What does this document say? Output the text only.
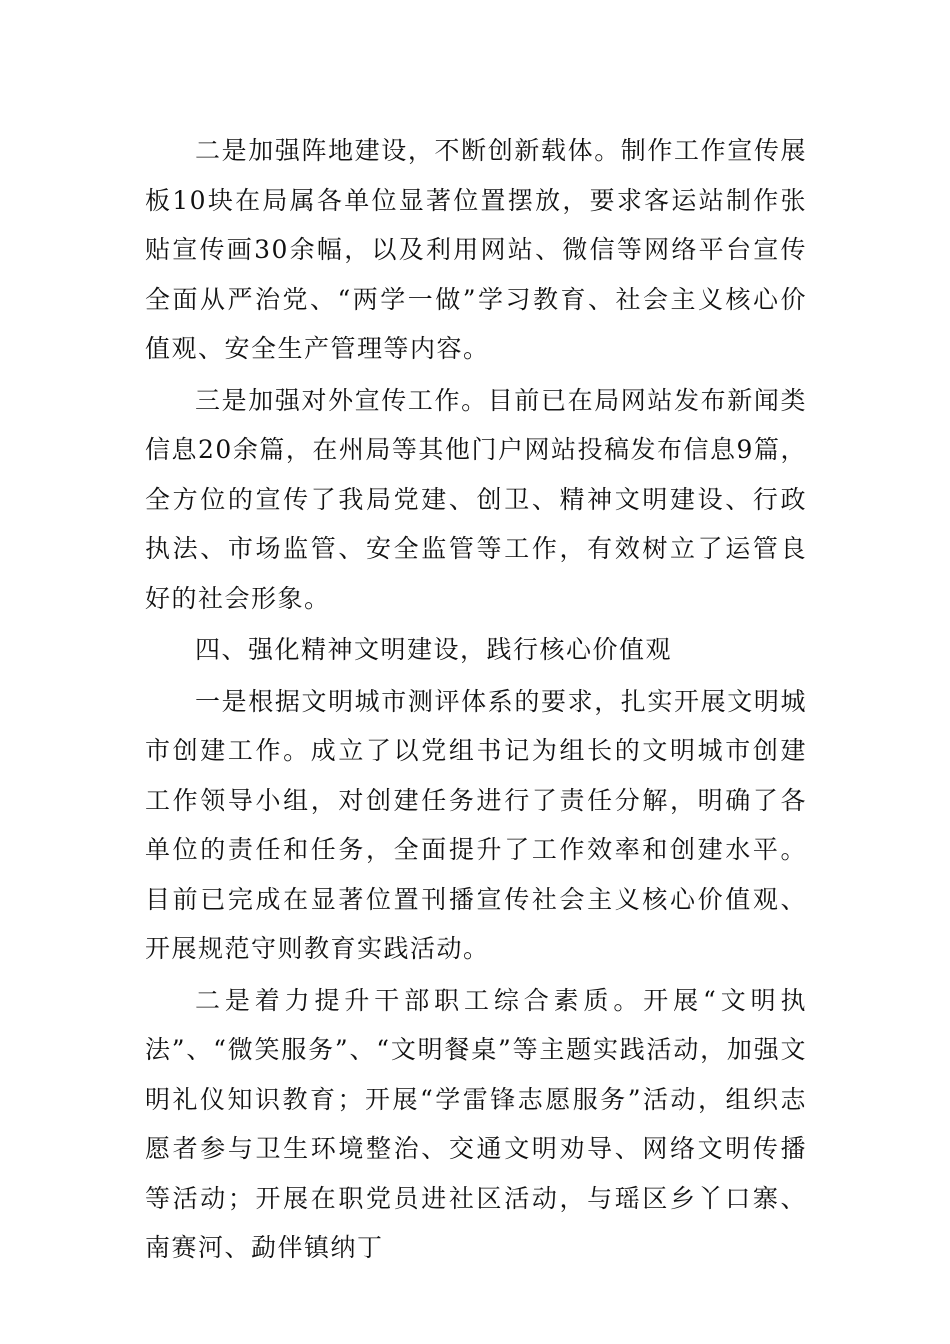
二是加强阵地建设，不断创新载体。制作工作宣传展板10块在局属各单位显著位置摆放，要求客运站制作张贴宣传画30余幅，以及利用网站、微信等网络平台宣传全面从严治党、“两学一做”学习教育、社会主义核心价值观、安全生产管理等内容。

三是加强对外宣传工作。目前已在局网站发布新闻类信息20余篇，在州局等其他门户网站投稿发布信息9篇，全方位的宣传了我局党建、创卫、精神文明建设、行政执法、市场监管、安全监管等工作，有效树立了运管良好的社会形象。

四、强化精神文明建设，践行核心价值观

一是根据文明城市测评体系的要求，扎实开展文明城市创建工作。成立了以党组书记为组长的文明城市创建工作领导小组，对创建任务进行了责任分解，明确了各单位的责任和任务，全面提升了工作效率和创建水平。目前已完成在显著位置刊播宣传社会主义核心价值观、开展规范守则教育实践活动。

二是着力提升干部职工综合素质。开展“文明执法”、“微笑服务”、“文明餐桌”等主题实践活动，加强文明礼仪知识教育；开展“学雷锋志愿服务”活动，组织志愿者参与卫生环境整治、交通文明劝导、网络文明传播等活动；开展在职党员进社区活动，与瑶区乡丫口寨、南赛河、勐伴镇纳丁
